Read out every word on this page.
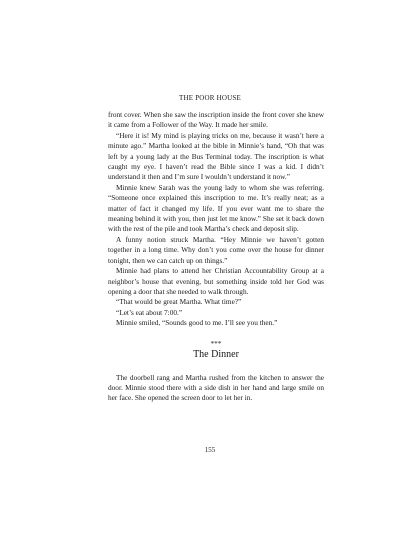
THE POOR HOUSE

front cover. When she saw the inscription inside the front cover she knew it came from a Follower of the Way. It made her smile.

“Here it is! My mind is playing tricks on me, because it wasn’t here a minute ago.” Martha looked at the bible in Minnie’s hand, “Oh that was left by a young lady at the Bus Terminal today. The inscription is what caught my eye. I haven’t read the Bible since I was a kid. I didn’t understand it then and I’m sure I wouldn’t understand it now.”

Minnie knew Sarah was the young lady to whom she was referring. “Someone once explained this inscription to me. It’s really neat; as a matter of fact it changed my life. If you ever want me to share the meaning behind it with you, then just let me know.” She set it back down with the rest of the pile and took Martha’s check and deposit slip.

A funny notion struck Martha. “Hey Minnie we haven’t gotten together in a long time. Why don’t you come over the house for dinner tonight, then we can catch up on things.”

Minnie had plans to attend her Christian Accountability Group at a neighbor’s house that evening, but something inside told her God was opening a door that she needed to walk through.

“That would be great Martha. What time?”

“Let’s eat about 7:00.”

Minnie smiled, “Sounds good to me. I’ll see you then.”

***
The Dinner

The doorbell rang and Martha rushed from the kitchen to answer the door. Minnie stood there with a side dish in her hand and large smile on her face. She opened the screen door to let her in.

155
